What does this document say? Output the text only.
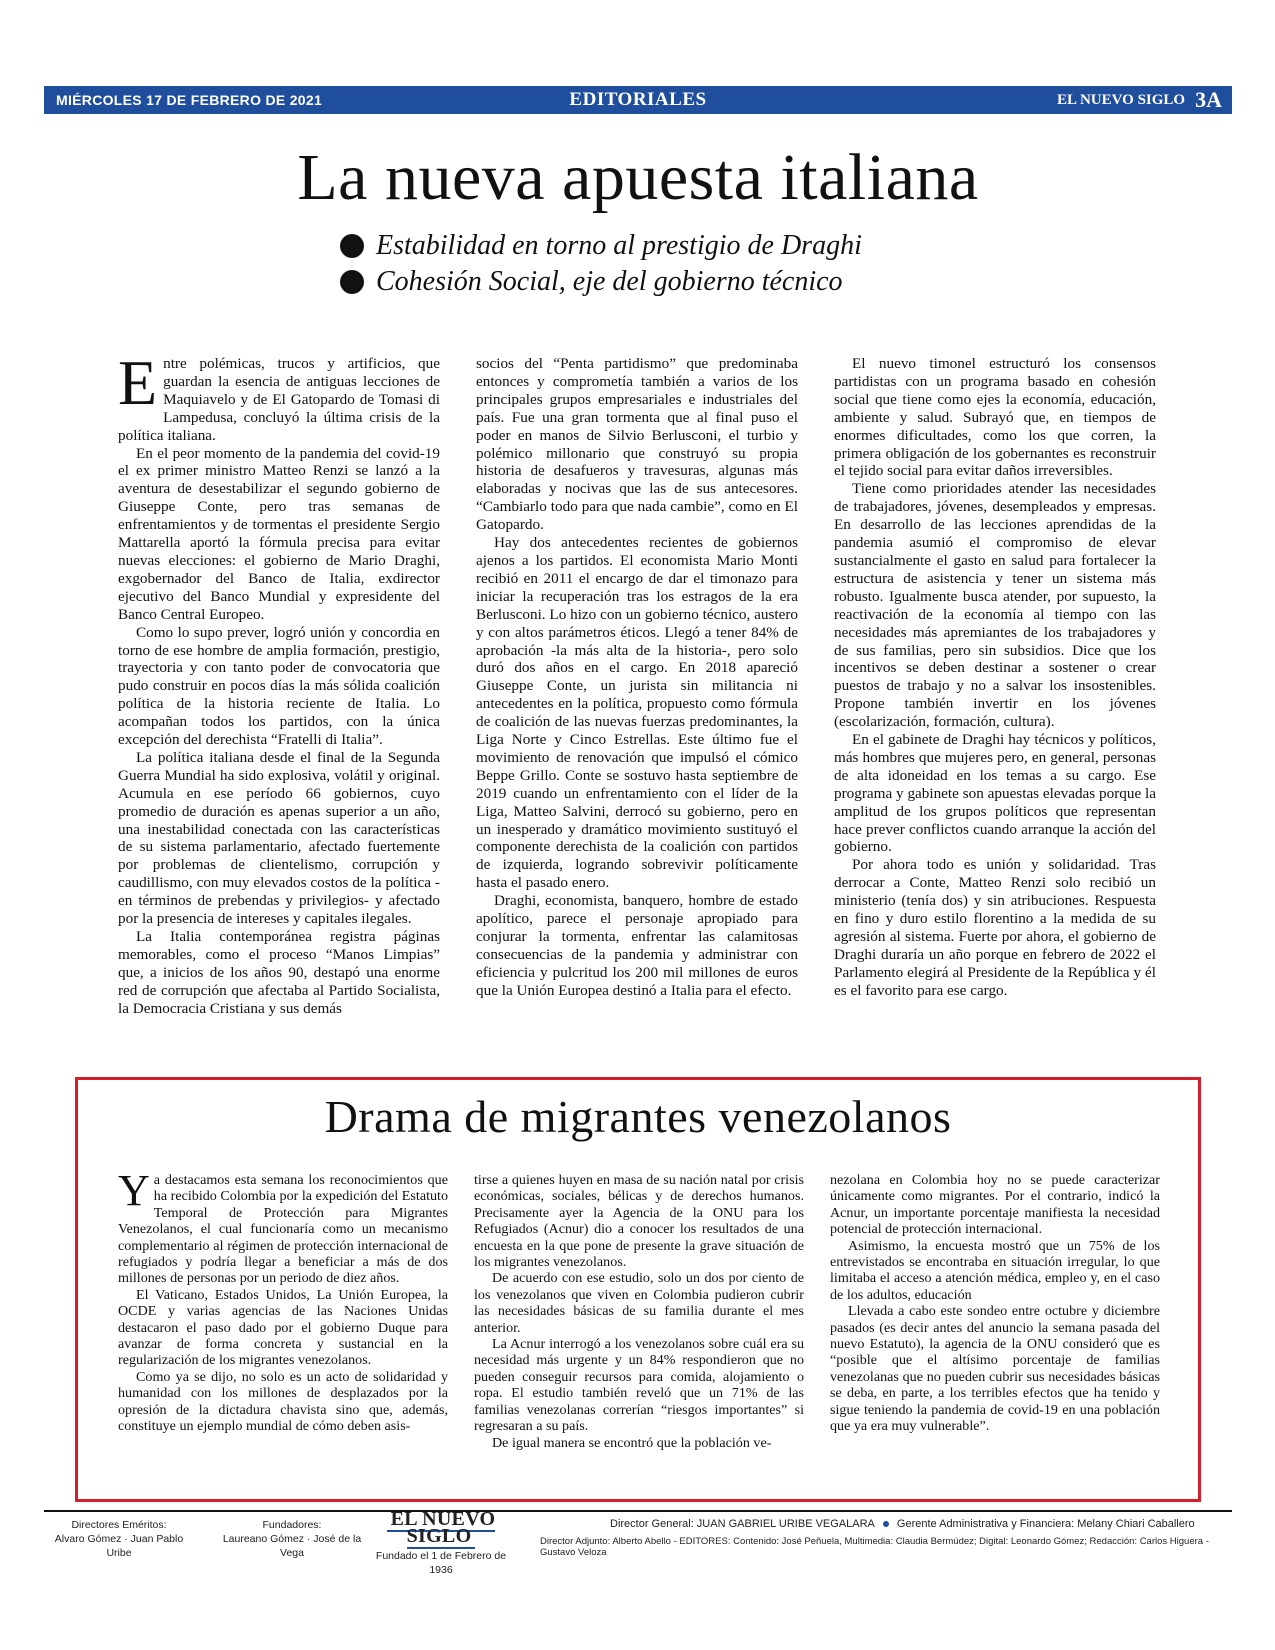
MIÉRCOLES 17 DE FEBRERO DE 2021	EDITORIALES	EL NUEVO SIGLO 3A
La nueva apuesta italiana
Estabilidad en torno al prestigio de Draghi
Cohesión Social, eje del gobierno técnico

Entre polémicas, trucos y artificios, que guardan la esencia de antiguas lecciones de Maquiavelo y de El Gatopardo de Tomasi di Lampedusa, concluyó la última crisis de la política italiana.

En el peor momento de la pandemia del covid-19 el ex primer ministro Matteo Renzi se lanzó a la aventura de desestabilizar el segundo gobierno de Giuseppe Conte, pero tras semanas de enfrentamientos y de tormentas el presidente Sergio Mattarella aportó la fórmula precisa para evitar nuevas elecciones: el gobierno de Mario Draghi, exgobernador del Banco de Italia, exdirector ejecutivo del Banco Mundial y expresidente del Banco Central Europeo.

Como lo supo prever, logró unión y concordia en torno de ese hombre de amplia formación, prestigio, trayectoria y con tanto poder de convocatoria que pudo construir en pocos días la más sólida coalición política de la historia reciente de Italia. Lo acompañan todos los partidos, con la única excepción del derechista “Fratelli di Italia”.

La política italiana desde el final de la Segunda Guerra Mundial ha sido explosiva, volátil y original. Acumula en ese período 66 gobiernos, cuyo promedio de duración es apenas superior a un año, una inestabilidad conectada con las características de su sistema parlamentario, afectado fuertemente por problemas de clientelismo, corrupción y caudillismo, con muy elevados costos de la política -en términos de prebendas y privilegios- y afectado por la presencia de intereses y capitales ilegales.

La Italia contemporánea registra páginas memorables, como el proceso “Manos Limpias” que, a inicios de los años 90, destapó una enorme red de corrupción que afectaba al Partido Socialista, la Democracia Cristiana y sus demás

socios del “Penta partidismo” que predominaba entonces y comprometía también a varios de los principales grupos empresariales e industriales del país. Fue una gran tormenta que al final puso el poder en manos de Silvio Berlusconi, el turbio y polémico millonario que construyó su propia historia de desafueros y travesuras, algunas más elaboradas y nocivas que las de sus antecesores. “Cambiarlo todo para que nada cambie”, como en El Gatopardo.

Hay dos antecedentes recientes de gobiernos ajenos a los partidos. El economista Mario Monti recibió en 2011 el encargo de dar el timonazo para iniciar la recuperación tras los estragos de la era Berlusconi. Lo hizo con un gobierno técnico, austero y con altos parámetros éticos. Llegó a tener 84% de aprobación -la más alta de la historia-, pero solo duró dos años en el cargo. En 2018 apareció Giuseppe Conte, un jurista sin militancia ni antecedentes en la política, propuesto como fórmula de coalición de las nuevas fuerzas predominantes, la Liga Norte y Cinco Estrellas. Este último fue el movimiento de renovación que impulsó el cómico Beppe Grillo. Conte se sostuvo hasta septiembre de 2019 cuando un enfrentamiento con el líder de la Liga, Matteo Salvini, derrocó su gobierno, pero en un inesperado y dramático movimiento sustituyó el componente derechista de la coalición con partidos de izquierda, logrando sobrevivir políticamente hasta el pasado enero.

Draghi, economista, banquero, hombre de estado apolítico, parece el personaje apropiado para conjurar la tormenta, enfrentar las calamitosas consecuencias de la pandemia y administrar con eficiencia y pulcritud los 200 mil millones de euros que la Unión Europea destinó a Italia para el efecto.

El nuevo timonel estructuró los consensos partidistas con un programa basado en cohesión social que tiene como ejes la economía, educación, ambiente y salud. Subrayó que, en tiempos de enormes dificultades, como los que corren, la primera obligación de los gobernantes es reconstruir el tejido social para evitar daños irreversibles.

Tiene como prioridades atender las necesidades de trabajadores, jóvenes, desempleados y empresas. En desarrollo de las lecciones aprendidas de la pandemia asumió el compromiso de elevar sustancialmente el gasto en salud para fortalecer la estructura de asistencia y tener un sistema más robusto. Igualmente busca atender, por supuesto, la reactivación de la economía al tiempo con las necesidades más apremiantes de los trabajadores y de sus familias, pero sin subsidios. Dice que los incentivos se deben destinar a sostener o crear puestos de trabajo y no a salvar los insostenibles. Propone también invertir en los jóvenes (escolarización, formación, cultura).

En el gabinete de Draghi hay técnicos y políticos, más hombres que mujeres pero, en general, personas de alta idoneidad en los temas a su cargo. Ese programa y gabinete son apuestas elevadas porque la amplitud de los grupos políticos que representan hace prever conflictos cuando arranque la acción del gobierno.

Por ahora todo es unión y solidaridad. Tras derrocar a Conte, Matteo Renzi solo recibió un ministerio (tenía dos) y sin atribuciones. Respuesta en fino y duro estilo florentino a la medida de su agresión al sistema. Fuerte por ahora, el gobierno de Draghi duraría un año porque en febrero de 2022 el Parlamento elegirá al Presidente de la República y él es el favorito para ese cargo.

Drama de migrantes venezolanos

Ya destacamos esta semana los reconocimientos que ha recibido Colombia por la expedición del Estatuto Temporal de Protección para Migrantes Venezolanos, el cual funcionaría como un mecanismo complementario al régimen de protección internacional de refugiados y podría llegar a beneficiar a más de dos millones de personas por un periodo de diez años.

El Vaticano, Estados Unidos, La Unión Europea, la OCDE y varias agencias de las Naciones Unidas destacaron el paso dado por el gobierno Duque para avanzar de forma concreta y sustancial en la regularización de los migrantes venezolanos.

Como ya se dijo, no solo es un acto de solidaridad y humanidad con los millones de desplazados por la opresión de la dictadura chavista sino que, además, constituye un ejemplo mundial de cómo deben asis-

tirse a quienes huyen en masa de su nación natal por crisis económicas, sociales, bélicas y de derechos humanos. Precisamente ayer la Agencia de la ONU para los Refugiados (Acnur) dio a conocer los resultados de una encuesta en la que pone de presente la grave situación de los migrantes venezolanos.

De acuerdo con ese estudio, solo un dos por ciento de los venezolanos que viven en Colombia pudieron cubrir las necesidades básicas de su familia durante el mes anterior.

La Acnur interrogó a los venezolanos sobre cuál era su necesidad más urgente y un 84% respondieron que no pueden conseguir recursos para comida, alojamiento o ropa. El estudio también reveló que un 71% de las familias venezolanas correrían “riesgos importantes” si regresaran a su país.

De igual manera se encontró que la población ve-

nezolana en Colombia hoy no se puede caracterizar únicamente como migrantes. Por el contrario, indicó la Acnur, un importante porcentaje manifiesta la necesidad potencial de protección internacional.

Asimismo, la encuesta mostró que un 75% de los entrevistados se encontraba en situación irregular, lo que limitaba el acceso a atención médica, empleo y, en el caso de los adultos, educación

Llevada a cabo este sondeo entre octubre y diciembre pasados (es decir antes del anuncio la semana pasada del nuevo Estatuto), la agencia de la ONU consideró que es “posible que el altísimo porcentaje de familias venezolanas que no pueden cubrir sus necesidades básicas se deba, en parte, a los terribles efectos que ha tenido y sigue teniendo la pandemia de covid-19 en una población que ya era muy vulnerable”.

Directores Eméritos:
Alvaro Gómez · Juan Pablo Uribe
Fundadores:
Laureano Gómez · José de la Vega
EL NUEVO SIGLO
Fundado el 1 de Febrero de 1936
Director General: JUAN GABRIEL URIBE VEGALARA Gerente Administrativa y Financiera: Melany Chiari Caballero
Director Adjunto: Alberto Abello - EDITORES: Contenido: José Peñuela, Multimedia: Claudia Bermúdez; Digital: Leonardo Gómez; Redacción: Carlos Higuera - Gustavo Veloza
